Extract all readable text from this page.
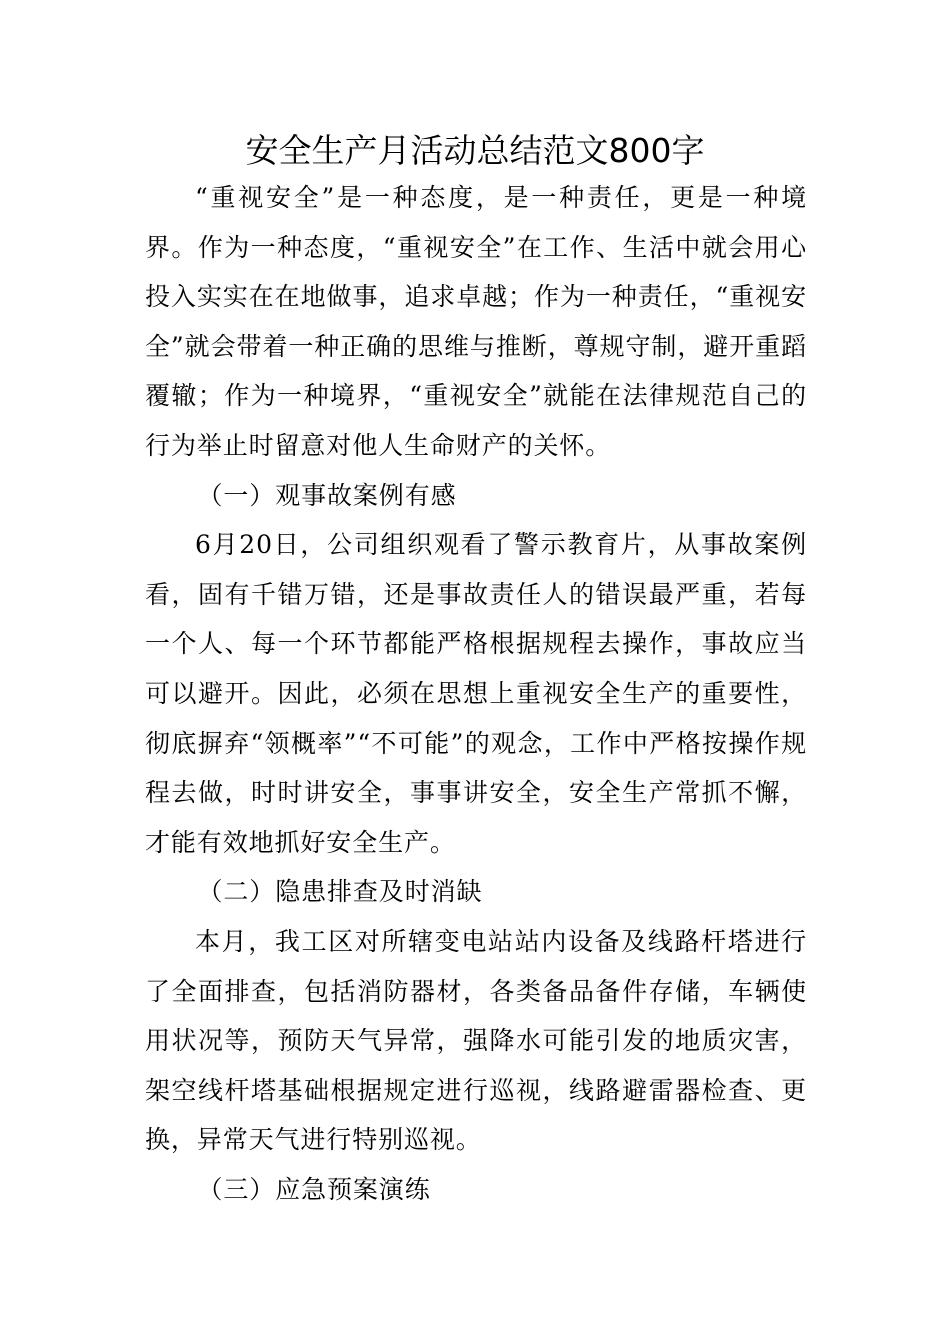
安全生产月活动总结范文800字

“重视安全”是一种态度，是一种责任，更是一种境界。作为一种态度，“重视安全”在工作、生活中就会用心投入实实在在地做事，追求卓越；作为一种责任，“重视安全”就会带着一种正确的思维与推断，尊规守制，避开重蹈覆辙；作为一种境界，“重视安全”就能在法律规范自己的行为举止时留意对他人生命财产的关怀。

（一）观事故案例有感

6月20日，公司组织观看了警示教育片，从事故案例看，固有千错万错，还是事故责任人的错误最严重，若每一个人、每一个环节都能严格根据规程去操作，事故应当可以避开。因此，必须在思想上重视安全生产的重要性，彻底摒弃“领概率”“不可能”的观念，工作中严格按操作规程去做，时时讲安全，事事讲安全，安全生产常抓不懈，才能有效地抓好安全生产。

（二）隐患排查及时消缺

本月，我工区对所辖变电站站内设备及线路杆塔进行了全面排查，包括消防器材，各类备品备件存储，车辆使用状况等，预防天气异常，强降水可能引发的地质灾害，架空线杆塔基础根据规定进行巡视，线路避雷器检查、更换，异常天气进行特别巡视。

（三）应急预案演练
